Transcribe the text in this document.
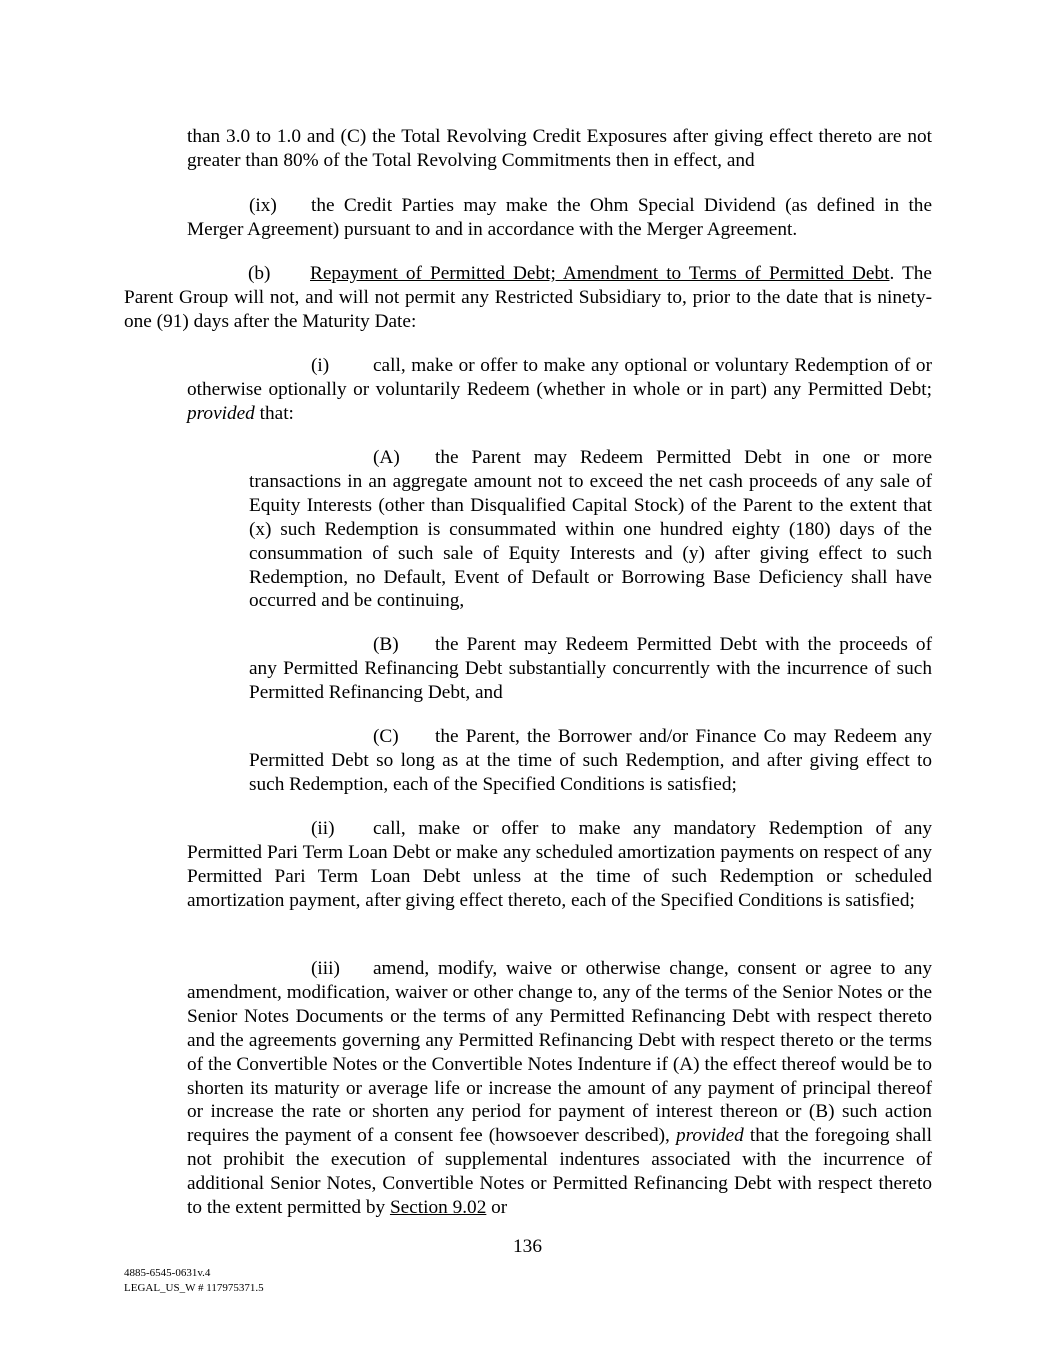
than 3.0 to 1.0 and (C) the Total Revolving Credit Exposures after giving effect thereto are not greater than 80% of the Total Revolving Commitments then in effect, and

(ix) the Credit Parties may make the Ohm Special Dividend (as defined in the Merger Agreement) pursuant to and in accordance with the Merger Agreement.

(b) Repayment of Permitted Debt; Amendment to Terms of Permitted Debt. The Parent Group will not, and will not permit any Restricted Subsidiary to, prior to the date that is ninety-one (91) days after the Maturity Date:

(i) call, make or offer to make any optional or voluntary Redemption of or otherwise optionally or voluntarily Redeem (whether in whole or in part) any Permitted Debt; provided that:

(A) the Parent may Redeem Permitted Debt in one or more transactions in an aggregate amount not to exceed the net cash proceeds of any sale of Equity Interests (other than Disqualified Capital Stock) of the Parent to the extent that (x) such Redemption is consummated within one hundred eighty (180) days of the consummation of such sale of Equity Interests and (y) after giving effect to such Redemption, no Default, Event of Default or Borrowing Base Deficiency shall have occurred and be continuing,

(B) the Parent may Redeem Permitted Debt with the proceeds of any Permitted Refinancing Debt substantially concurrently with the incurrence of such Permitted Refinancing Debt, and

(C) the Parent, the Borrower and/or Finance Co may Redeem any Permitted Debt so long as at the time of such Redemption, and after giving effect to such Redemption, each of the Specified Conditions is satisfied;

(ii) call, make or offer to make any mandatory Redemption of any Permitted Pari Term Loan Debt or make any scheduled amortization payments on respect of any Permitted Pari Term Loan Debt unless at the time of such Redemption or scheduled amortization payment, after giving effect thereto, each of the Specified Conditions is satisfied;

(iii) amend, modify, waive or otherwise change, consent or agree to any amendment, modification, waiver or other change to, any of the terms of the Senior Notes or the Senior Notes Documents or the terms of any Permitted Refinancing Debt with respect thereto and the agreements governing any Permitted Refinancing Debt with respect thereto or the terms of the Convertible Notes or the Convertible Notes Indenture if (A) the effect thereof would be to shorten its maturity or average life or increase the amount of any payment of principal thereof or increase the rate or shorten any period for payment of interest thereon or (B) such action requires the payment of a consent fee (howsoever described), provided that the foregoing shall not prohibit the execution of supplemental indentures associated with the incurrence of additional Senior Notes, Convertible Notes or Permitted Refinancing Debt with respect thereto to the extent permitted by Section 9.02 or

136
4885-6545-0631v.4
LEGAL_US_W # 117975371.5
